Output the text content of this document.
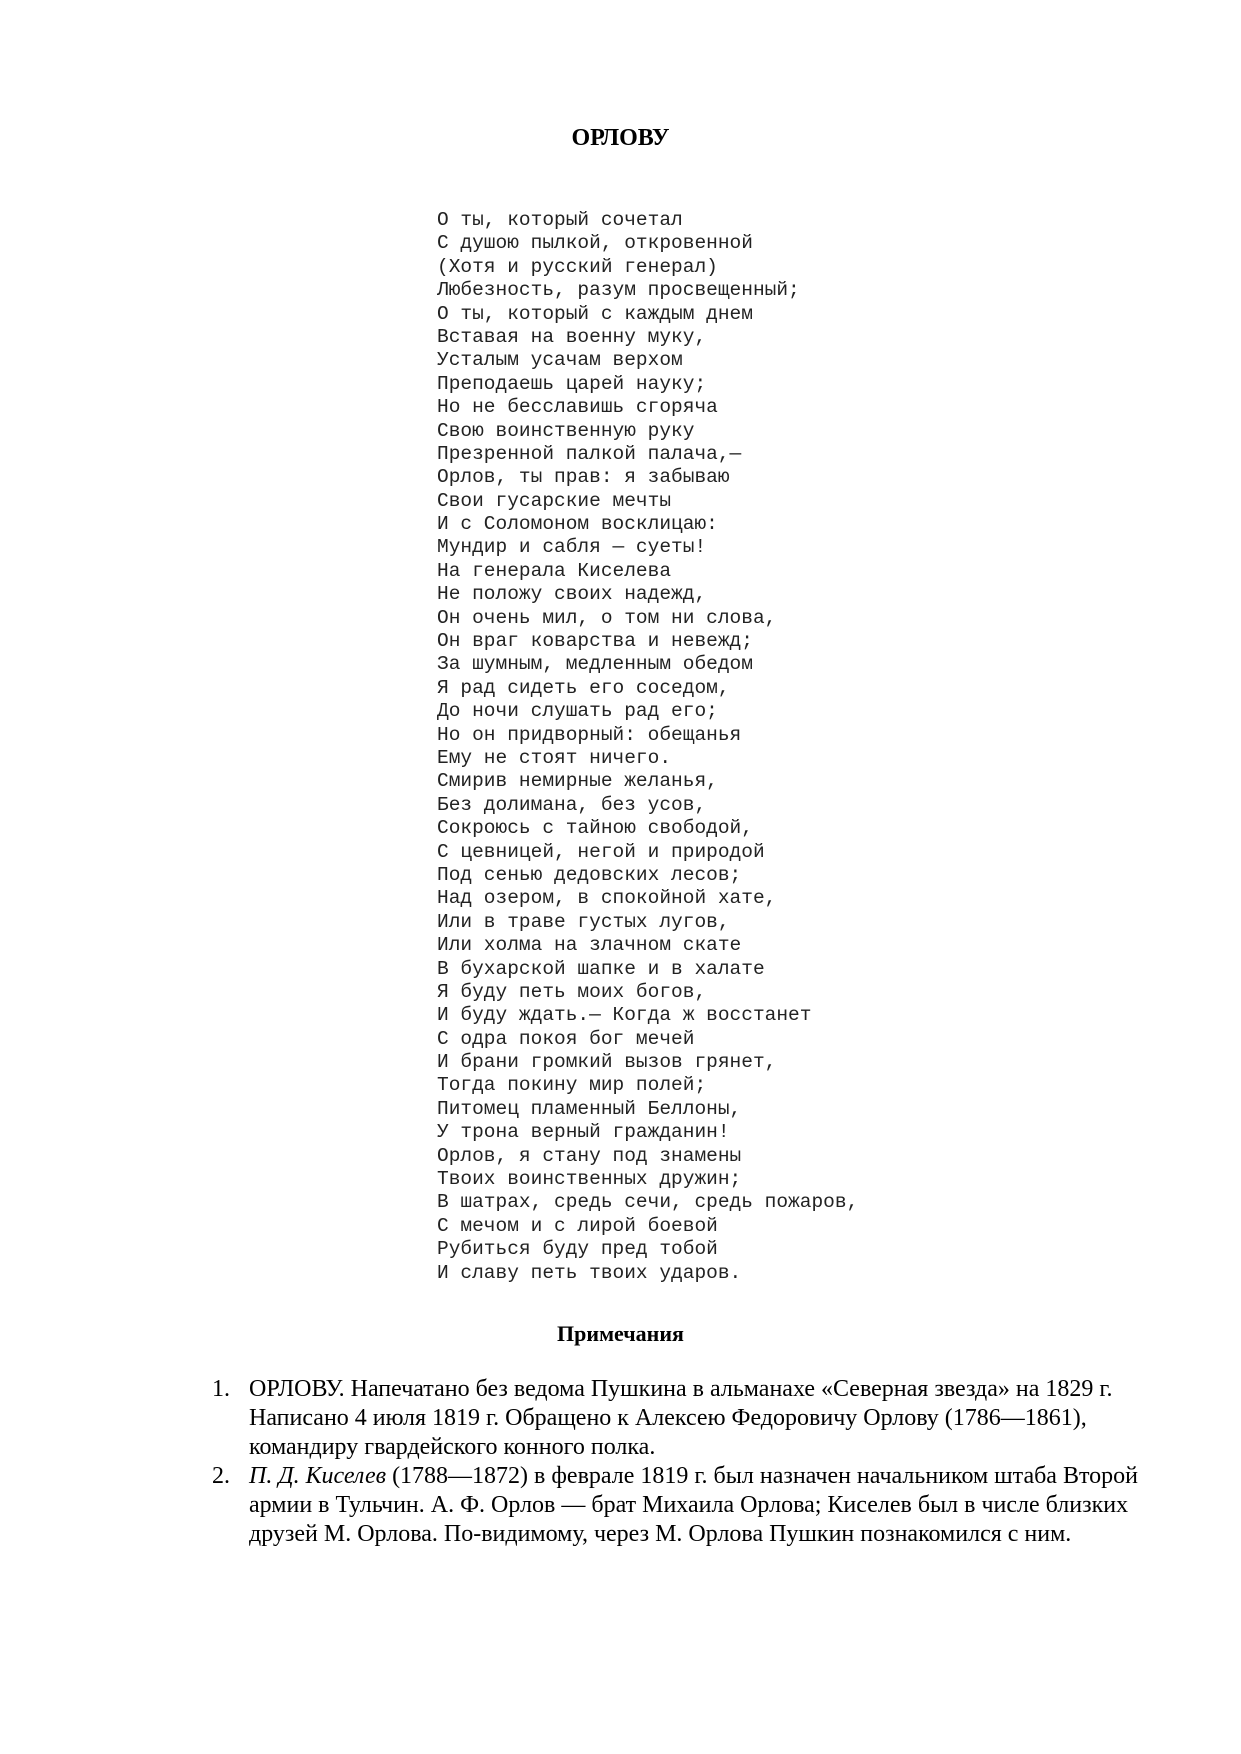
ОРЛОВУ
О ты, который сочетал
С душою пылкой, откровенной
(Хотя и русский генерал)
Любезность, разум просвещенный;
О ты, который с каждым днем
Вставая на военну муку,
Усталым усачам верхом
Преподаешь царей науку;
Но не бесславишь сгоряча
Свою воинственную руку
Презренной палкой палача,—
Орлов, ты прав: я забываю
Свои гусарские мечты
И с Соломоном восклицаю:
Мундир и сабля — суеты!
На генерала Киселева
Не положу своих надежд,
Он очень мил, о том ни слова,
Он враг коварства и невежд;
За шумным, медленным обедом
Я рад сидеть его соседом,
До ночи слушать рад его;
Но он придворный: обещанья
Ему не стоят ничего.
Смирив немирные желанья,
Без долимана, без усов,
Сокроюсь с тайною свободой,
С цевницей, негой и природой
Под сенью дедовских лесов;
Над озером, в спокойной хате,
Или в траве густых лугов,
Или холма на злачном скате
В бухарской шапке и в халате
Я буду петь моих богов,
И буду ждать.— Когда ж восстанет
С одра покоя бог мечей
И брани громкий вызов грянет,
Тогда покину мир полей;
Питомец пламенный Беллоны,
У трона верный гражданин!
Орлов, я стану под знамены
Твоих воинственных дружин;
В шатрах, средь сечи, средь пожаров,
С мечом и с лирой боевой
Рубиться буду пред тобой
И славу петь твоих ударов.
Примечания
1. ОРЛОВУ. Напечатано без ведома Пушкина в альманахе «Северная звезда» на 1829 г. Написано 4 июля 1819 г. Обращено к Алексею Федоровичу Орлову (1786—1861), командиру гвардейского конного полка.
2. П. Д. Киселев (1788—1872) в феврале 1819 г. был назначен начальником штаба Второй армии в Тульчин. А. Ф. Орлов — брат Михаила Орлова; Киселев был в числе близких друзей М. Орлова. По-видимому, через М. Орлова Пушкин познакомился с ним.
